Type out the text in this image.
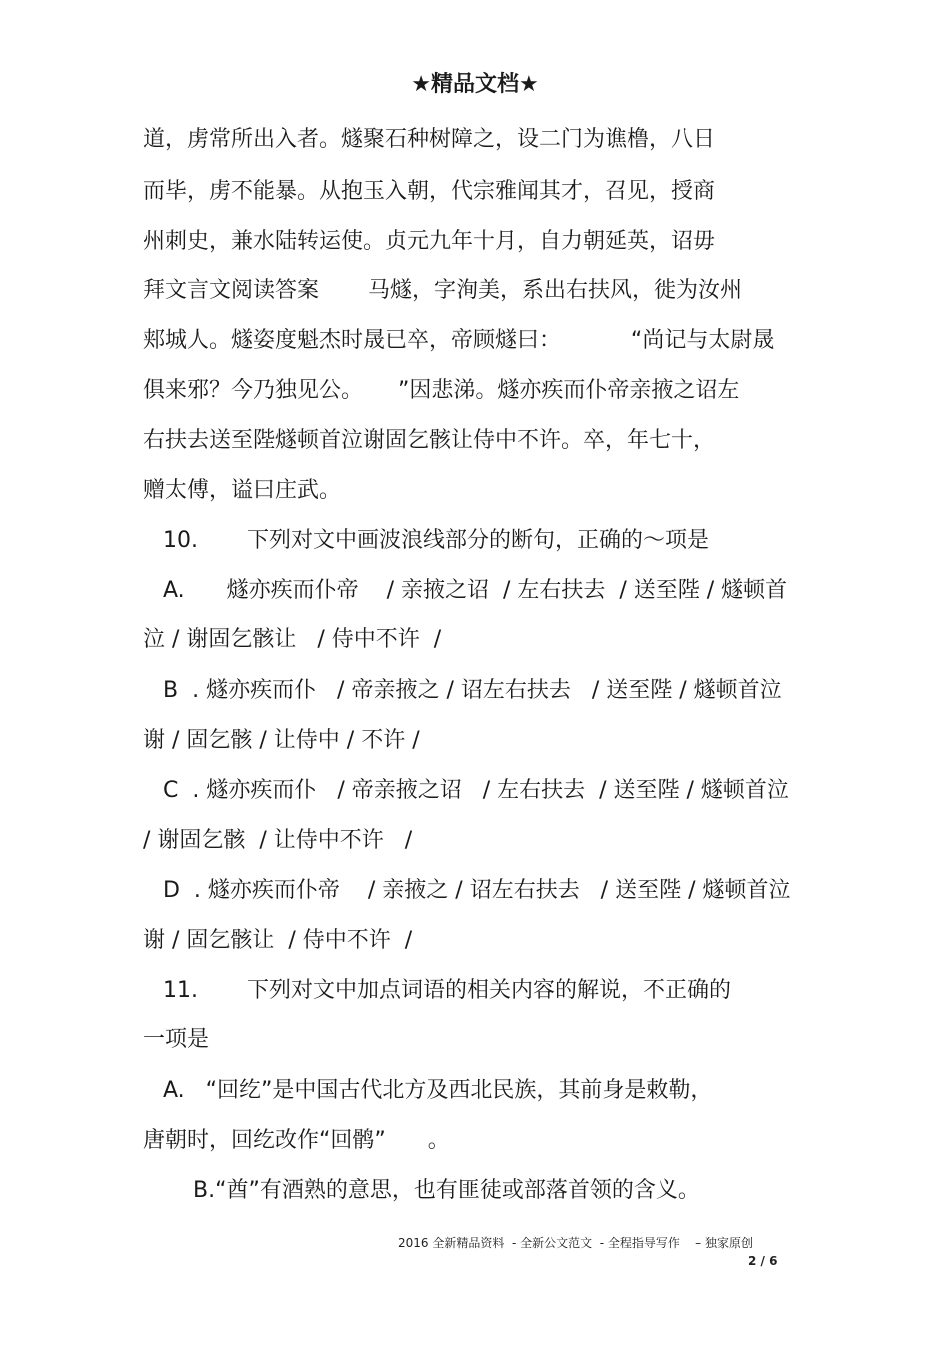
★精品文档★
道，虏常所出入者。燧聚石种树障之，设二门为谯橹，八日
而毕，虏不能暴。从抱玉入朝，代宗雅闻其才，召见，授商
州刺史，兼水陆转运使。贞元九年十月，自力朝延英，诏毋
拜文言文阅读答案       马燧，字洵美，系出右扶风，徙为汝州
郏城人。燧姿度魁杰时晟已卒，帝顾燧曰：          “尚记与太尉晟
俱来邪？今乃独见公。     ”因悲涕。燧亦疾而仆帝亲掖之诏左
右扶去送至陛燧顿首泣谢固乞骸让侍中不许。卒，年七十，
赠太傅，谥曰庄武。
10.       下列对文中画波浪线部分的断句，正确的～项是
A.      燧亦疾而仆帝    / 亲掖之诏  / 左右扶去  / 送至陛 / 燧顿首
泣 / 谢固乞骸让   / 侍中不许  /
B  . 燧亦疾而仆   / 帝亲掖之 / 诏左右扶去   / 送至陛 / 燧顿首泣
谢 / 固乞骸 / 让侍中 / 不许 /
C  . 燧亦疾而仆   / 帝亲掖之诏   / 左右扶去  / 送至陛 / 燧顿首泣
/ 谢固乞骸  / 让侍中不许   /
D  . 燧亦疾而仆帝    / 亲掖之 / 诏左右扶去   / 送至陛 / 燧顿首泣
谢 / 固乞骸让  / 侍中不许  /
11.       下列对文中加点词语的相关内容的解说，不正确的
一项是
A.   “回纥”是中国古代北方及西北民族，其前身是敕勒，
唐朝时，回纥改作“回鹘”      。
B.“酋”有酒熟的意思，也有匪徒或部落首领的含义。
2016 全新精品资料  - 全新公文范文  - 全程指导写作    – 独家原创
2 / 6
